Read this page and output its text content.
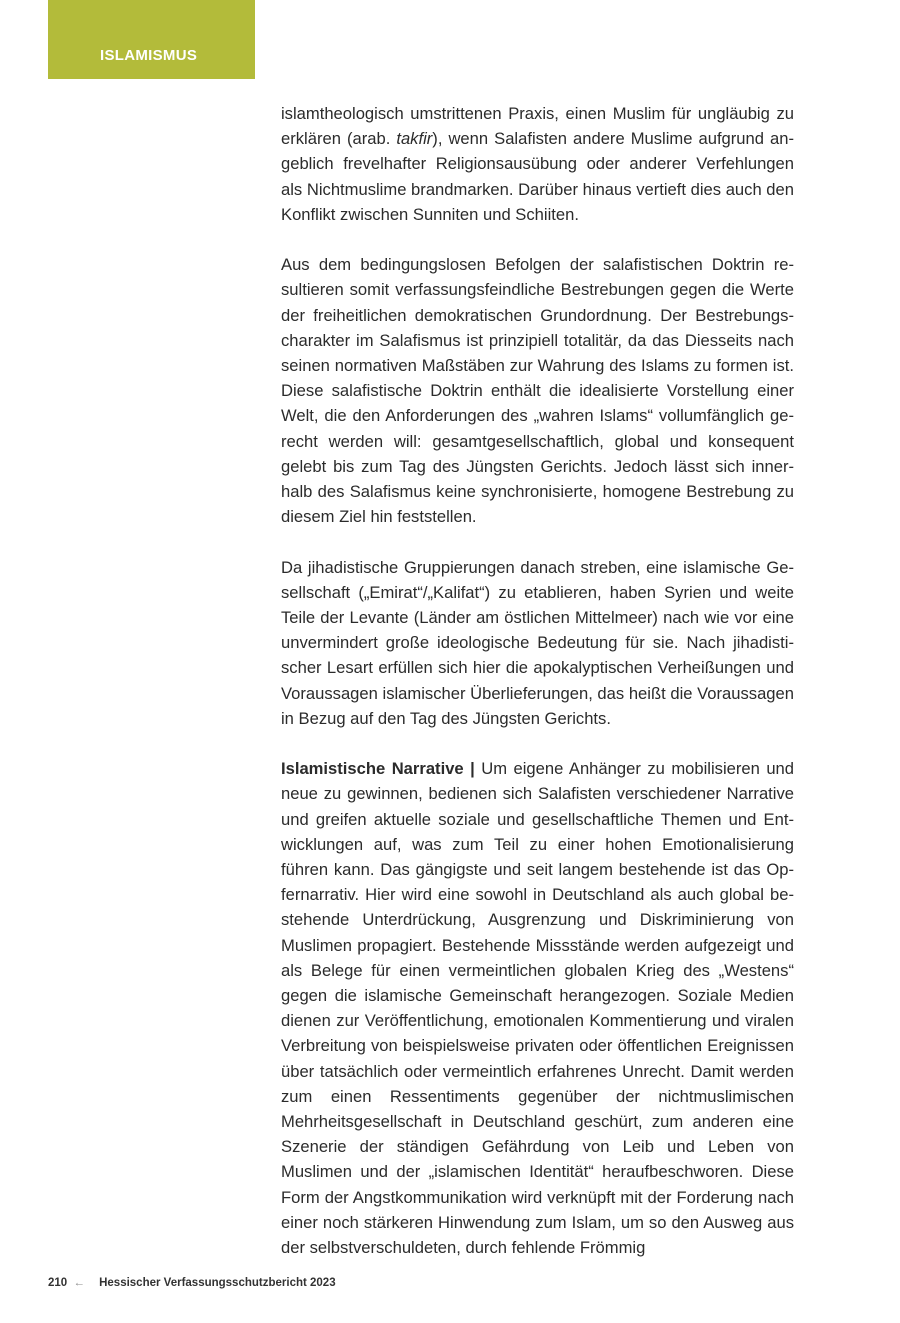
ISLAMISMUS

islamtheologisch umstrittenen Praxis, einen Muslim für ungläubig zu erklären (arab. takfir), wenn Salafisten andere Muslime aufgrund angeblich frevelhafter Religionsausübung oder anderer Verfehlungen als Nichtmuslime brandmarken. Darüber hinaus vertieft dies auch den Konflikt zwischen Sunniten und Schiiten.

Aus dem bedingungslosen Befolgen der salafistischen Doktrin resultieren somit verfassungsfeindliche Bestrebungen gegen die Werte der freiheitlichen demokratischen Grundordnung. Der Bestrebungscharakter im Salafismus ist prinzipiell totalitär, da das Diesseits nach seinen normativen Maßstäben zur Wahrung des Islams zu formen ist. Diese salafistische Doktrin enthält die idealisierte Vorstellung einer Welt, die den Anforderungen des „wahren Islams“ vollumfänglich gerecht werden will: gesamtgesellschaftlich, global und konsequent gelebt bis zum Tag des Jüngsten Gerichts. Jedoch lässt sich innerhalb des Salafismus keine synchronisierte, homogene Bestrebung zu diesem Ziel hin feststellen.

Da jihadistische Gruppierungen danach streben, eine islamische Gesellschaft („Emirat“/„Kalifat“) zu etablieren, haben Syrien und weite Teile der Levante (Länder am östlichen Mittelmeer) nach wie vor eine unvermindert große ideologische Bedeutung für sie. Nach jihadistischer Lesart erfüllen sich hier die apokalyptischen Verheißungen und Voraussagen islamischer Überlieferungen, das heißt die Voraussagen in Bezug auf den Tag des Jüngsten Gerichts.

Islamistische Narrative | Um eigene Anhänger zu mobilisieren und neue zu gewinnen, bedienen sich Salafisten verschiedener Narrative und greifen aktuelle soziale und gesellschaftliche Themen und Entwicklungen auf, was zum Teil zu einer hohen Emotionalisierung führen kann. Das gängigste und seit langem bestehende ist das Opfernarrativ. Hier wird eine sowohl in Deutschland als auch global bestehende Unterdrückung, Ausgrenzung und Diskriminierung von Muslimen propagiert. Bestehende Missstände werden aufgezeigt und als Belege für einen vermeintlichen globalen Krieg des „Westens“ gegen die islamische Gemeinschaft herangezogen. Soziale Medien dienen zur Veröffentlichung, emotionalen Kommentierung und viralen Verbreitung von beispielsweise privaten oder öffentlichen Ereignissen über tatsächlich oder vermeintlich erfahrenes Unrecht. Damit werden zum einen Ressentiments gegenüber der nichtmuslimischen Mehrheitsgesellschaft in Deutschland geschürt, zum anderen eine Szenerie der ständigen Gefährdung von Leib und Leben von Muslimen und der „islamischen Identität“ heraufbeschworen. Diese Form der Angstkommunikation wird verknüpft mit der Forderung nach einer noch stärkeren Hinwendung zum Islam, um so den Ausweg aus der selbstverschuldeten, durch fehlende Frömmig

210 ← Hessischer Verfassungsschutzbericht 2023
